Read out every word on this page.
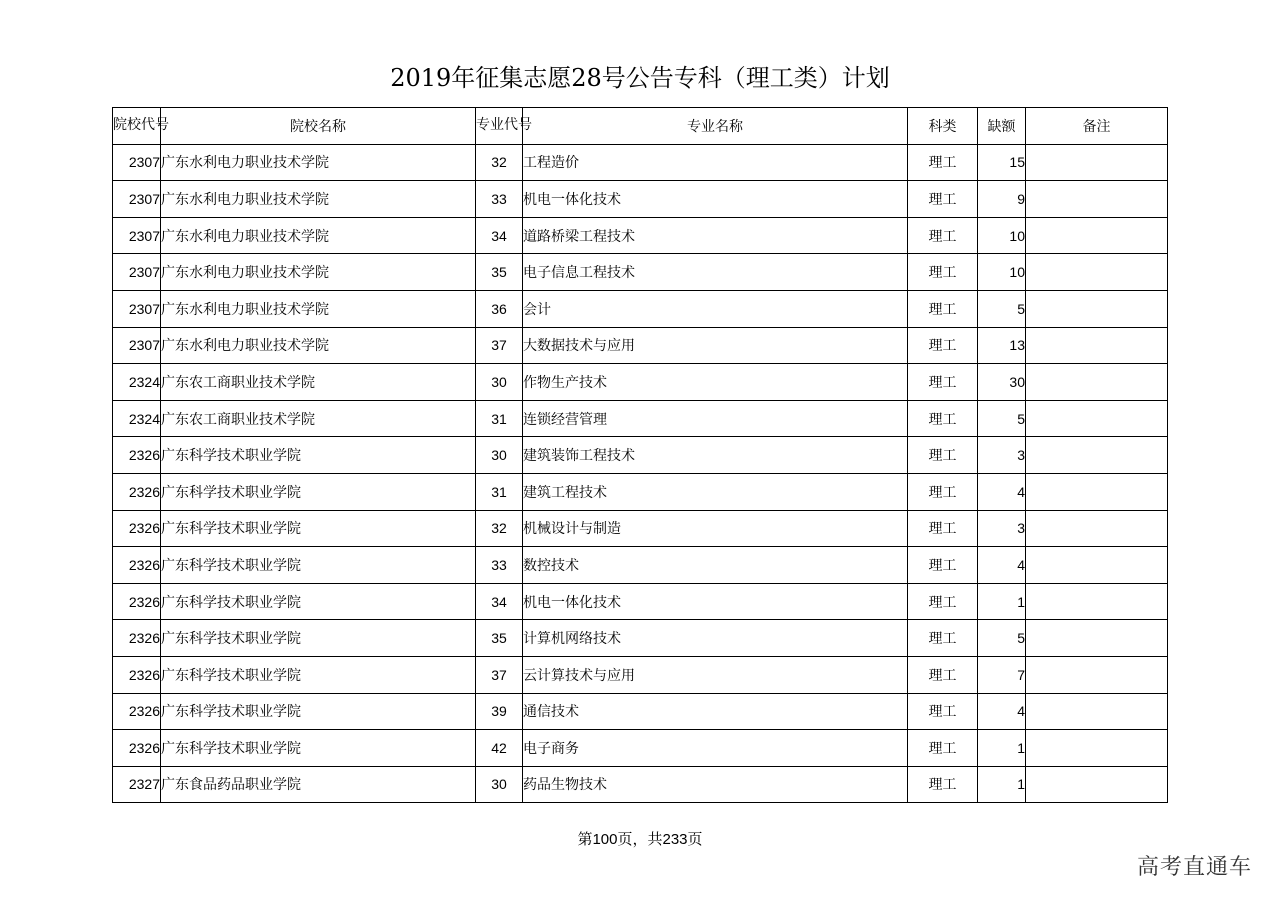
2019年征集志愿28号公告专科（理工类）计划
院校代号	院校名称	专业代号	专业名称	科类	缺额	备注
2307	广东水利电力职业技术学院	32	工程造价	理工	15	
2307	广东水利电力职业技术学院	33	机电一体化技术	理工	9	
2307	广东水利电力职业技术学院	34	道路桥梁工程技术	理工	10	
2307	广东水利电力职业技术学院	35	电子信息工程技术	理工	10	
2307	广东水利电力职业技术学院	36	会计	理工	5	
2307	广东水利电力职业技术学院	37	大数据技术与应用	理工	13	
2324	广东农工商职业技术学院	30	作物生产技术	理工	30	
2324	广东农工商职业技术学院	31	连锁经营管理	理工	5	
2326	广东科学技术职业学院	30	建筑装饰工程技术	理工	3	
2326	广东科学技术职业学院	31	建筑工程技术	理工	4	
2326	广东科学技术职业学院	32	机械设计与制造	理工	3	
2326	广东科学技术职业学院	33	数控技术	理工	4	
2326	广东科学技术职业学院	34	机电一体化技术	理工	1	
2326	广东科学技术职业学院	35	计算机网络技术	理工	5	
2326	广东科学技术职业学院	37	云计算技术与应用	理工	7	
2326	广东科学技术职业学院	39	通信技术	理工	4	
2326	广东科学技术职业学院	42	电子商务	理工	1	
2327	广东食品药品职业学院	30	药品生物技术	理工	1	
第100页，共233页
高考直通车
